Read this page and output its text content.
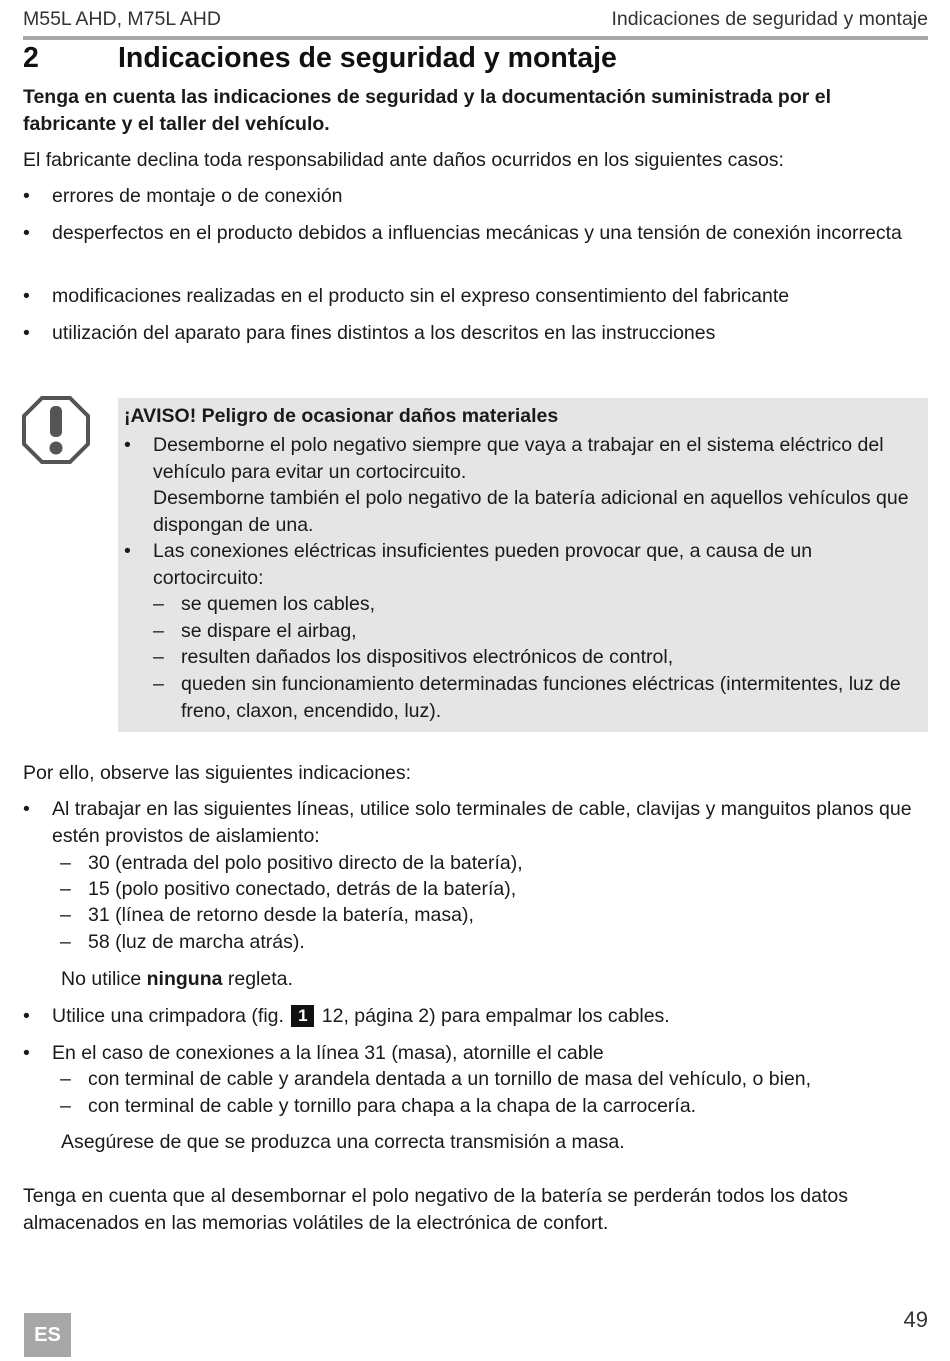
M55L AHD, M75L AHD	Indicaciones de seguridad y montaje
2	Indicaciones de seguridad y montaje
Tenga en cuenta las indicaciones de seguridad y la documentación suministrada por el fabricante y el taller del vehículo.
El fabricante declina toda responsabilidad ante daños ocurridos en los siguientes casos:
• errores de montaje o de conexión
• desperfectos en el producto debidos a influencias mecánicas y una tensión de conexión incorrecta
• modificaciones realizadas en el producto sin el expreso consentimiento del fabricante
• utilización del aparato para fines distintos a los descritos en las instrucciones
¡AVISO! Peligro de ocasionar daños materiales
• Desemborne el polo negativo siempre que vaya a trabajar en el sistema eléctrico del vehículo para evitar un cortocircuito.
Desemborne también el polo negativo de la batería adicional en aquellos vehículos que dispongan de una.
• Las conexiones eléctricas insuficientes pueden provocar que, a causa de un cortocircuito:
– se quemen los cables,
– se dispare el airbag,
– resulten dañados los dispositivos electrónicos de control,
– queden sin funcionamiento determinadas funciones eléctricas (intermitentes, luz de freno, claxon, encendido, luz).
Por ello, observe las siguientes indicaciones:
• Al trabajar en las siguientes líneas, utilice solo terminales de cable, clavijas y manguitos planos que estén provistos de aislamiento:
– 30 (entrada del polo positivo directo de la batería),
– 15 (polo positivo conectado, detrás de la batería),
– 31 (línea de retorno desde la batería, masa),
– 58 (luz de marcha atrás).
No utilice ninguna regleta.
• Utilice una crimpadora (fig. 1 12, página 2) para empalmar los cables.
• En el caso de conexiones a la línea 31 (masa), atornille el cable
– con terminal de cable y arandela dentada a un tornillo de masa del vehículo, o bien,
– con terminal de cable y tornillo para chapa a la chapa de la carrocería.
Asegúrese de que se produzca una correcta transmisión a masa.
Tenga en cuenta que al desembornar el polo negativo de la batería se perderán todos los datos almacenados en las memorias volátiles de la electrónica de confort.
ES
49
